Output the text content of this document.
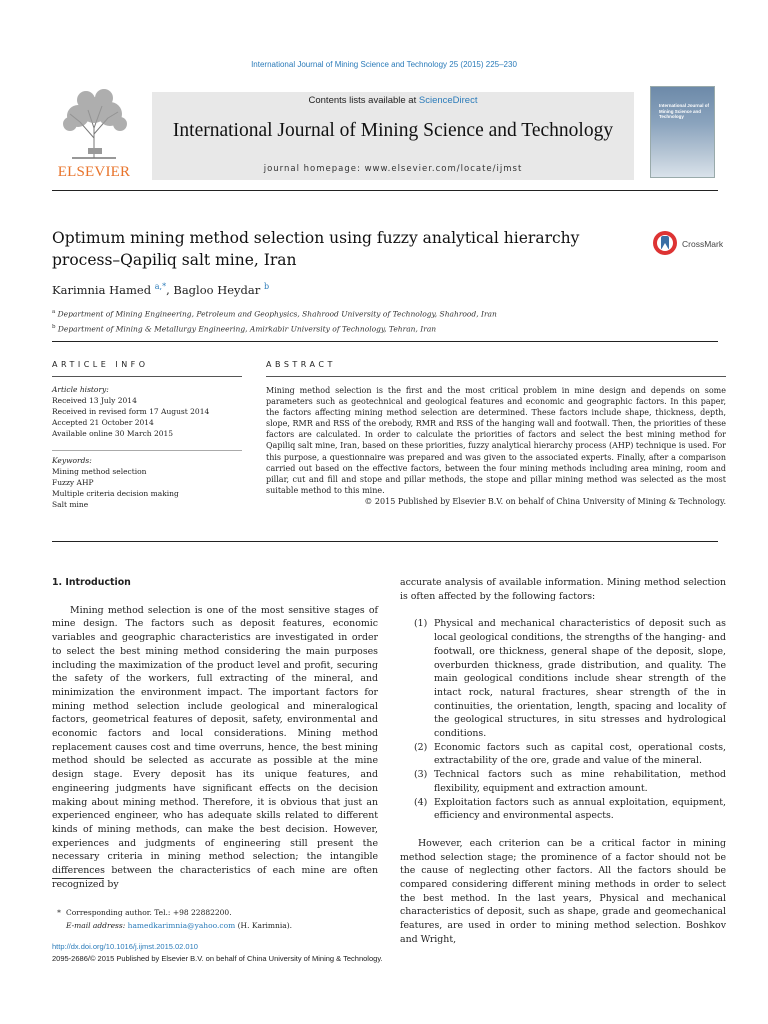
International Journal of Mining Science and Technology 25 (2015) 225–230
ELSEVIER
Contents lists available at ScienceDirect
International Journal of Mining Science and Technology
journal homepage: www.elsevier.com/locate/ijmst
International Journal of Mining Science and Technology
Optimum mining method selection using fuzzy analytical hierarchy
process–Qapiliq salt mine, Iran
CrossMark
Karimnia Hamed $^{a,*}$, Bagloo Heydar $^b$
$^a$ Department of Mining Engineering, Petroleum and Geophysics, Shahrood University of Technology, Shahrood, Iran
$^b$ Department of Mining & Metallurgy Engineering, Amirkabir University of Technology, Tehran, Iran
ARTICLE INFO	ABSTRACT
Article history:
Received 13 July 2014
Received in revised form 17 August 2014
Accepted 21 October 2014
Available online 30 March 2015
Keywords:
Mining method selection
Fuzzy AHP
Multiple criteria decision making
Salt mine
Mining method selection is the first and the most critical problem in mine design and depends on some parameters such as geotechnical and geological features and economic and geographic factors. In this paper, the factors affecting mining method selection are determined. These factors include shape, thickness, depth, slope, RMR and RSS of the orebody, RMR and RSS of the hanging wall and footwall. Then, the priorities of these factors are calculated. In order to calculate the priorities of factors and select the best mining method for Qapiliq salt mine, Iran, based on these priorities, fuzzy analytical hierarchy process (AHP) technique is used. For this purpose, a questionnaire was prepared and was given to the associated experts. Finally, after a comparison carried out based on the effective factors, between the four mining methods including area mining, room and pillar, cut and fill and stope and pillar methods, the stope and pillar mining method was selected as the most suitable method to this mine.
© 2015 Published by Elsevier B.V. on behalf of China University of Mining & Technology.
1. Introduction

Mining method selection is one of the most sensitive stages of mine design. The factors such as deposit features, economic variables and geographic characteristics are investigated in order to select the best mining method considering the main purposes including the maximization of the product level and profit, securing the safety of the workers, full extracting of the mineral, and minimization the environment impact. The important factors for mining method selection include geological and mineralogical factors, geometrical features of deposit, safety, environmental and economic factors and local considerations. Mining method replacement causes cost and time overruns, hence, the best mining method should be selected as accurate as possible at the mine design stage. Every deposit has its unique features, and engineering judgments have significant effects on the decision making about mining method. Therefore, it is obvious that just an experienced engineer, who has adequate skills related to different kinds of mining methods, can make the best decision. However, experiences and judgments of engineering still present the necessary criteria in mining method selection; the intangible differences between the characteristics of each mine are often recognized by

accurate analysis of available information. Mining method selection is often affected by the following factors:

(1) Physical and mechanical characteristics of deposit such as local geological conditions, the strengths of the hanging- and footwall, ore thickness, general shape of the deposit, slope, overburden thickness, grade distribution, and quality. The main geological conditions include shear strength of the intact rock, natural fractures, shear strength of the in continuities, the orientation, length, spacing and locality of the geological structures, in situ stresses and hydrological conditions.
(2) Economic factors such as capital cost, operational costs, extractability of the ore, grade and value of the mineral.
(3) Technical factors such as mine rehabilitation, method flexibility, equipment and extraction amount.
(4) Exploitation factors such as annual exploitation, equipment, efficiency and environmental aspects.

However, each criterion can be a critical factor in mining method selection stage; the prominence of a factor should not be the cause of neglecting other factors. All the factors should be compared considering different mining methods in order to select the best method. In the last years, Physical and mechanical characteristics of deposit, such as shape, grade and geomechanical features, are used in order to mining method selection. Boshkov and Wright,

* Corresponding author. Tel.: +98 22882200.
E-mail address: hamedkarimnia@yahoo.com (H. Karimnia).
http://dx.doi.org/10.1016/j.ijmst.2015.02.010
2095-2686/© 2015 Published by Elsevier B.V. on behalf of China University of Mining & Technology.
